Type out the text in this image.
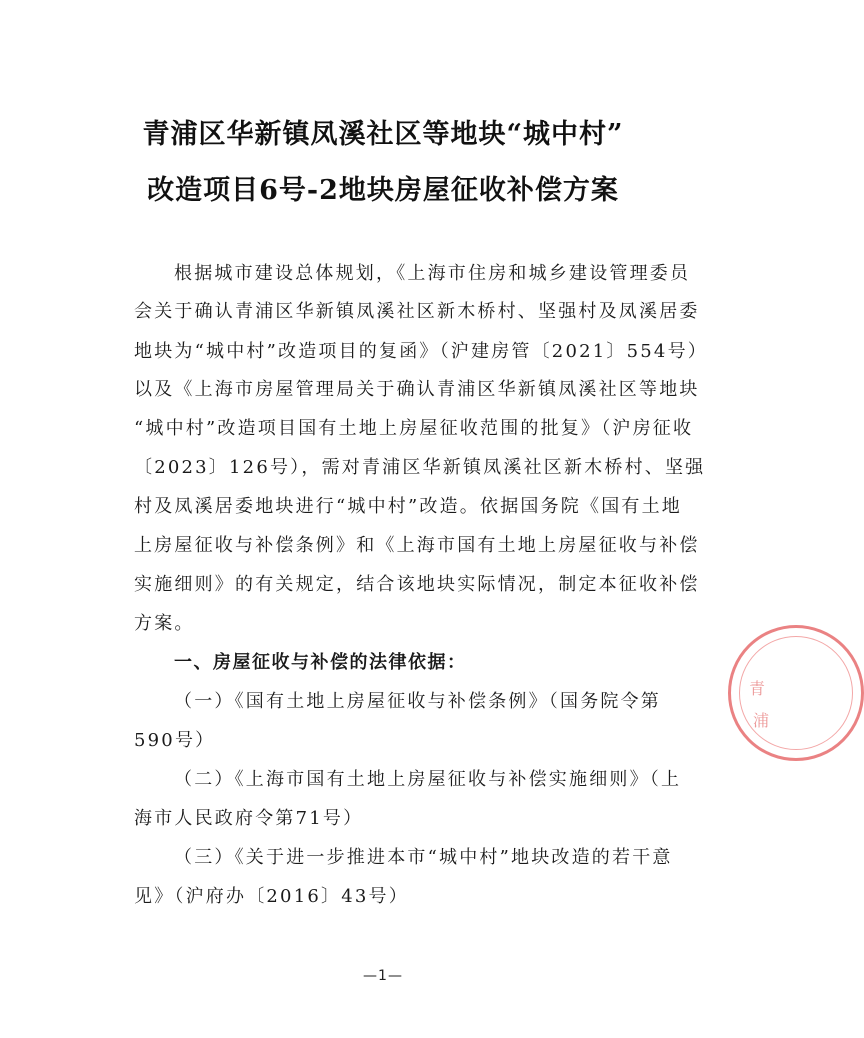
青浦区华新镇凤溪社区等地块“城中村”
改造项目6号-2地块房屋征收补偿方案
根据城市建设总体规划，《上海市住房和城乡建设管理委员
会关于确认青浦区华新镇凤溪社区新木桥村、坚强村及凤溪居委
地块为“城中村”改造项目的复函》（沪建房管〔2021〕554号）
以及《上海市房屋管理局关于确认青浦区华新镇凤溪社区等地块
“城中村”改造项目国有土地上房屋征收范围的批复》（沪房征收
〔2023〕126号），需对青浦区华新镇凤溪社区新木桥村、坚强
村及凤溪居委地块进行“城中村”改造。依据国务院《国有土地
上房屋征收与补偿条例》和《上海市国有土地上房屋征收与补偿
实施细则》的有关规定，结合该地块实际情况，制定本征收补偿
方案。
一、房屋征收与补偿的法律依据：
（一）《国有土地上房屋征收与补偿条例》（国务院令第
590号）
（二）《上海市国有土地上房屋征收与补偿实施细则》（上
海市人民政府令第71号）
（三）《关于进一步推进本市“城中村”地块改造的若干意
见》（沪府办〔2016〕43号）
—1—
青
浦
